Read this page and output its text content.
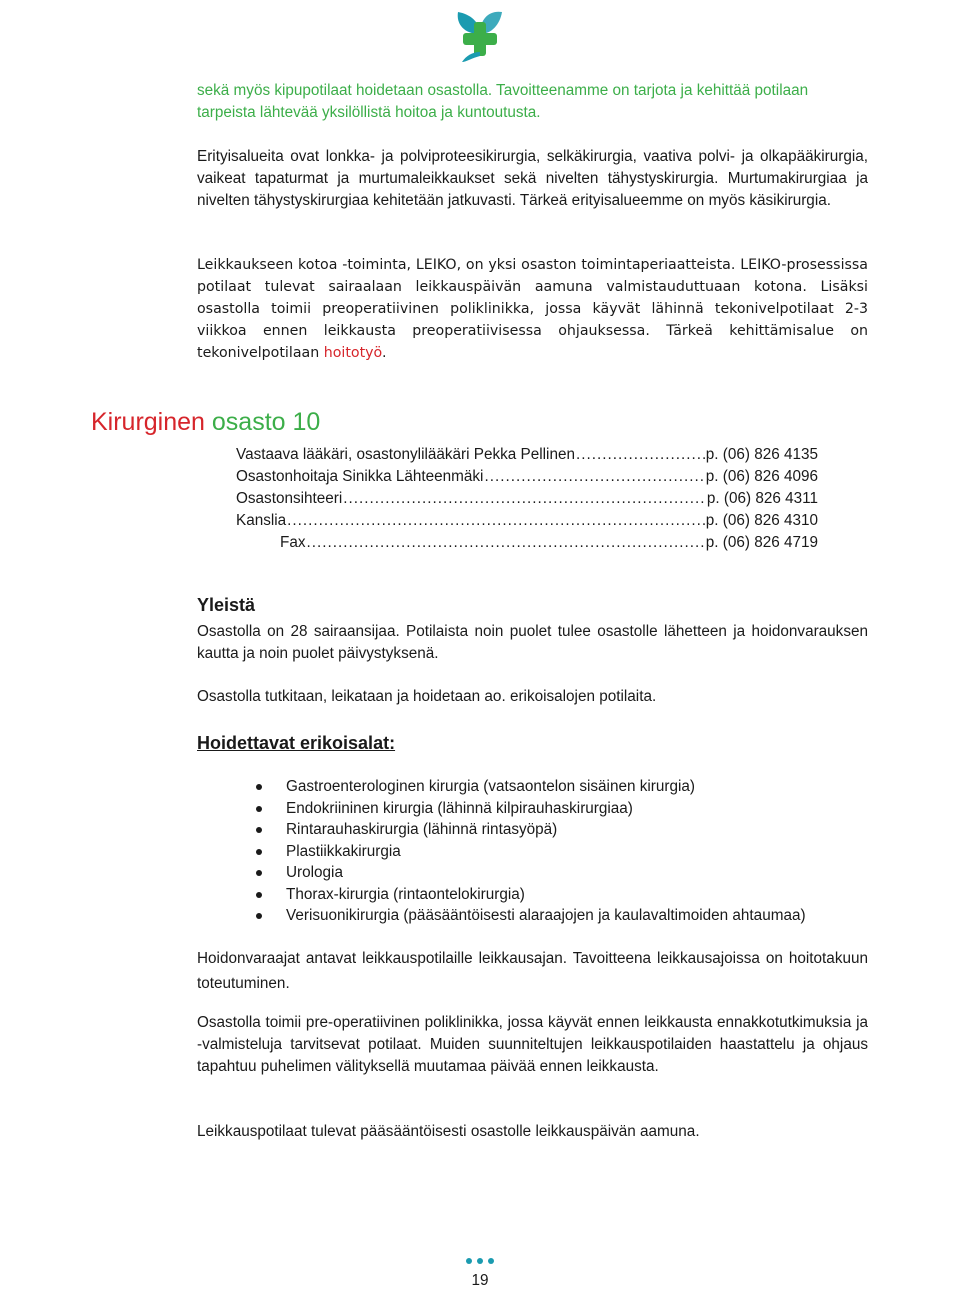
sekä myös kipupotilaat hoidetaan osastolla. Tavoitteenamme on tarjota ja kehittää potilaan
tarpeista lähtevää yksilöllistä hoitoa ja kuntoutusta.

Erityisalueita ovat lonkka- ja polviproteesikirurgia, selkäkirurgia, vaativa polvi- ja olkapääkirurgia, vaikeat tapaturmat ja murtumaleikkaukset sekä nivelten tähystyskirurgia. Murtumakirurgiaa ja nivelten tähystyskirurgiaa kehitetään jatkuvasti. Tärkeä erityisalueemme on myös käsikirurgia.

Leikkaukseen kotoa -toiminta, LEIKO, on yksi osaston toimintaperiaatteista. LEIKO-prosessissa potilaat tulevat sairaalaan leikkauspäivän aamuna valmistauduttuaan kotona. Lisäksi osastolla toimii preoperatiivinen poliklinikka, jossa käyvät lähinnä tekonivelpotilaat 2-3 viikkoa ennen leikkausta preoperatiivisessa ohjauksessa. Tärkeä kehittämisalue on tekonivelpotilaan hoitotyö.

Kirurginen osasto 10
Vastaava lääkäri, osastonylilääkäri Pekka Pellinen .....	p. (06) 826 4135
Osastonhoitaja Sinikka Lähteenmäki .....	p. (06) 826 4096
Osastonsihteeri .....	p. (06) 826 4311
Kanslia .....	p. (06) 826 4310
Fax .....	p. (06) 826 4719
Yleistä

Osastolla on 28 sairaansijaa. Potilaista noin puolet tulee osastolle lähetteen ja hoidonvarauksen kautta ja noin puolet päivystyksenä.

Osastolla tutkitaan, leikataan ja hoidetaan ao. erikoisalojen potilaita.

Hoidettavat erikoisalat:
Gastroenterologinen kirurgia (vatsaontelon sisäinen kirurgia)
Endokriininen kirurgia (lähinnä kilpirauhaskirurgiaa)
Rintarauhaskirurgia (lähinnä rintasyöpä)
Plastiikkakirurgia
Urologia
Thorax-kirurgia (rintaontelokirurgia)
Verisuonikirurgia (pääsääntöisesti alaraajojen ja kaulavaltimoiden ahtaumaa)

Hoidonvaraajat antavat leikkauspotilaille leikkausajan. Tavoitteena leikkausajoissa on hoitotakuun toteutuminen.

Osastolla toimii pre-operatiivinen poliklinikka, jossa käyvät ennen leikkausta ennakkotutkimuksia ja -valmisteluja tarvitsevat potilaat. Muiden suunniteltujen leikkauspotilaiden haastattelu ja ohjaus tapahtuu puhelimen välityksellä muutamaa päivää ennen leikkausta.

Leikkauspotilaat tulevat pääsääntöisesti osastolle leikkauspäivän aamuna.

19
